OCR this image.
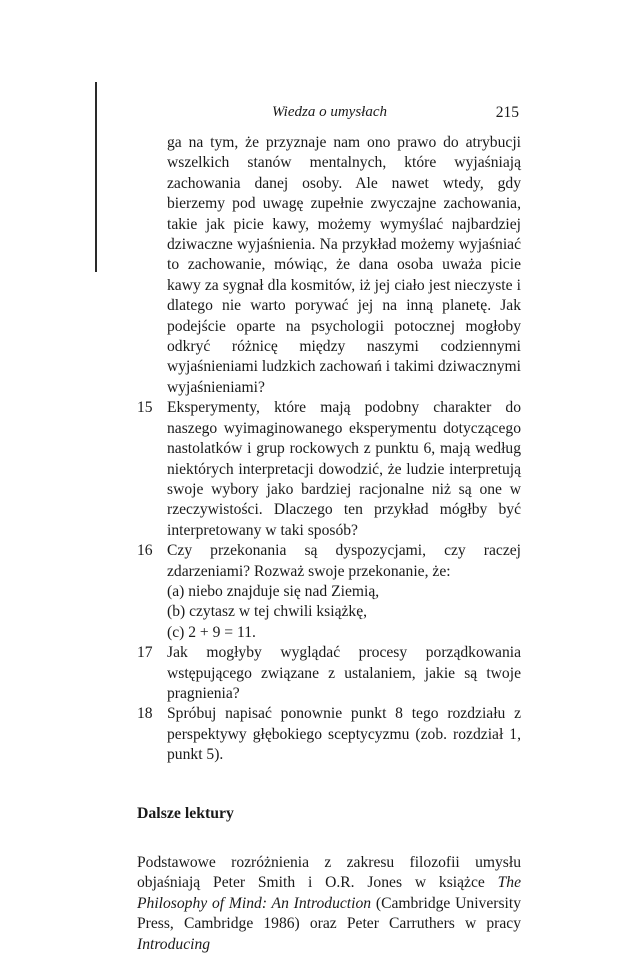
Wiedza o umysłach	215
ga na tym, że przyznaje nam ono prawo do atrybucji wszelkich stanów mentalnych, które wyjaśniają zachowania danej osoby. Ale nawet wtedy, gdy bierzemy pod uwagę zupełnie zwyczajne zachowania, takie jak picie kawy, możemy wymyślać najbardziej dziwaczne wyjaśnienia. Na przykład możemy wyjaśniać to zachowanie, mówiąc, że dana osoba uważa picie kawy za sygnał dla kosmitów, iż jej ciało jest nieczyste i dlatego nie warto porywać jej na inną planetę. Jak podejście oparte na psychologii potocznej mogłoby odkryć różnicę między naszymi codziennymi wyjaśnieniami ludzkich zachowań i takimi dziwacznymi wyjaśnieniami?
15 Eksperymenty, które mają podobny charakter do naszego wyimaginowanego eksperymentu dotyczącego nastolatków i grup rockowych z punktu 6, mają według niektórych interpretacji dowodzić, że ludzie interpretują swoje wybory jako bardziej racjonalne niż są one w rzeczywistości. Dlaczego ten przykład mógłby być interpretowany w taki sposób?
16 Czy przekonania są dyspozycjami, czy raczej zdarzeniami? Rozważ swoje przekonanie, że:
(a) niebo znajduje się nad Ziemią,
(b) czytasz w tej chwili książkę,
(c) 2 + 9 = 11.
17 Jak mogłyby wyglądać procesy porządkowania wstępującego związane z ustalaniem, jakie są twoje pragnienia?
18 Spróbuj napisać ponownie punkt 8 tego rozdziału z perspektywy głębokiego sceptycyzmu (zob. rozdział 1, punkt 5).
Dalsze lektury
Podstawowe rozróżnienia z zakresu filozofii umysłu objaśniają Peter Smith i O.R. Jones w książce The Philosophy of Mind: An Introduction (Cambridge University Press, Cambridge 1986) oraz Peter Carruthers w pracy Introducing
